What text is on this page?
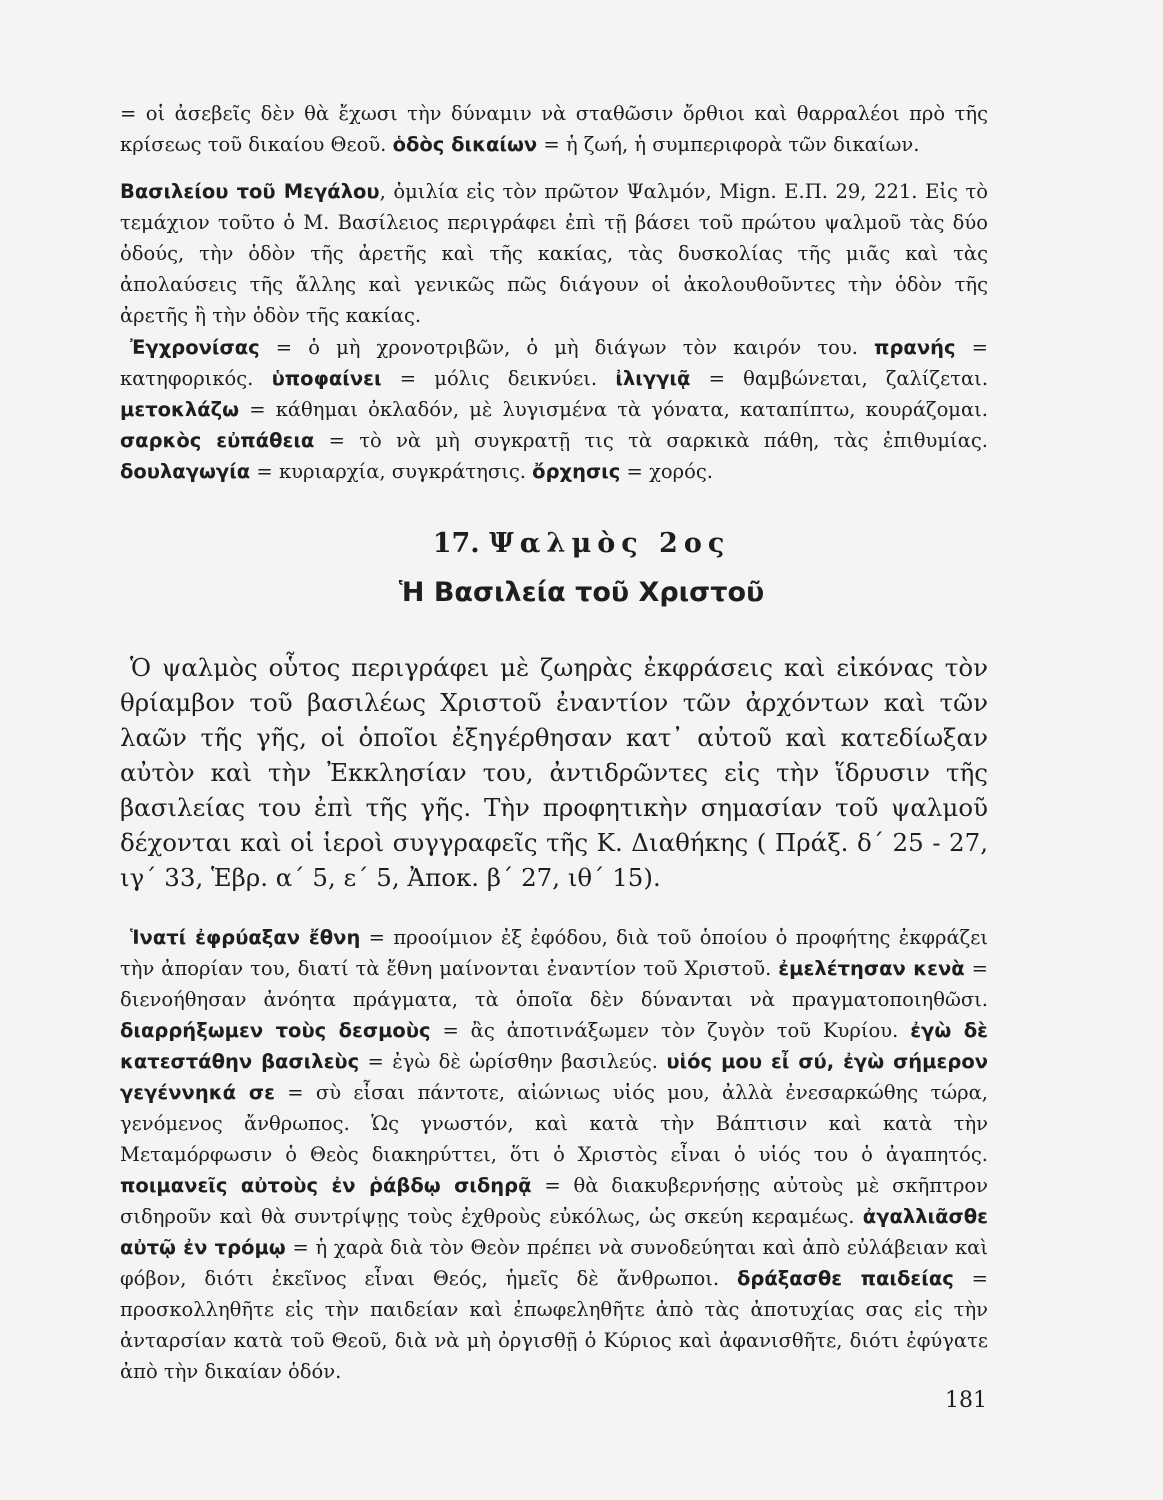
= οἱ ἀσεβεῖς δὲν θὰ ἔχωσι τὴν δύναμιν νὰ σταθῶσιν ὄρθιοι καὶ θαρραλέοι πρὸ τῆς κρίσεως τοῦ δικαίου Θεοῦ. ὁδὸς δικαίων = ἡ ζωή, ἡ συμπεριφορὰ τῶν δικαίων.

Βασιλείου τοῦ Μεγάλου, ὁμιλία εἰς τὸν πρῶτον Ψαλμόν, Mign. Ε.Π. 29, 221. Εἰς τὸ τεμάχιον τοῦτο ὁ Μ. Βασίλειος περιγράφει ἐπὶ τῇ βάσει τοῦ πρώτου ψαλμοῦ τὰς δύο ὁδούς, τὴν ὁδὸν τῆς ἀρετῆς καὶ τῆς κακίας, τὰς δυσκολίας τῆς μιᾶς καὶ τὰς ἀπολαύσεις τῆς ἄλλης καὶ γενικῶς πῶς διάγουν οἱ ἀκολουθοῦντες τὴν ὁδὸν τῆς ἀρετῆς ἢ τὴν ὁδὸν τῆς κακίας.

Ἐγχρονίσας = ὁ μὴ χρονοτριβῶν, ὁ μὴ διάγων τὸν καιρόν του. πρανής = κατηφορικός. ὑποφαίνει = μόλις δεικνύει. ἰλιγγιᾷ = θαμβώνεται, ζαλίζεται. μετοκλάζω = κάθημαι ὀκλαδόν, μὲ λυγισμένα τὰ γόνατα, καταπίπτω, κουράζομαι. σαρκὸς εὐπάθεια = τὸ νὰ μὴ συγκρατῇ τις τὰ σαρκικὰ πάθη, τὰς ἐπιθυμίας. δουλαγωγία = κυριαρχία, συγκράτησις. ὄρχησις = χορός.

17. Ψαλμὸς 2ος
Ἡ Βασιλεία τοῦ Χριστοῦ

Ὁ ψαλμὸς οὗτος περιγράφει μὲ ζωηρὰς ἐκφράσεις καὶ εἰκόνας τὸν θρίαμβον τοῦ βασιλέως Χριστοῦ ἐναντίον τῶν ἀρχόντων καὶ τῶν λαῶν τῆς γῆς, οἱ ὁποῖοι ἐξηγέρθησαν κατ᾿ αὐτοῦ καὶ κατεδίωξαν αὐτὸν καὶ τὴν Ἐκκλησίαν του, ἀντιδρῶντες εἰς τὴν ἵδρυσιν τῆς βασιλείας του ἐπὶ τῆς γῆς. Τὴν προφητικὴν σημασίαν τοῦ ψαλμοῦ δέχονται καὶ οἱ ἱεροὶ συγγραφεῖς τῆς Κ. Διαθήκης ( Πράξ. δ΄ 25 - 27, ιγ΄ 33, Ἑβρ. α΄ 5, ε΄ 5, Ἀποκ. β΄ 27, ιθ΄ 15).

Ἱνατί ἐφρύαξαν ἔθνη = προοίμιον ἐξ ἐφόδου, διὰ τοῦ ὁποίου ὁ προφήτης ἐκφράζει τὴν ἀπορίαν του, διατί τὰ ἔθνη μαίνονται ἐναντίον τοῦ Χριστοῦ. ἐμελέτησαν κενὰ = διενοήθησαν ἀνόητα πράγματα, τὰ ὁποῖα δὲν δύνανται νὰ πραγματοποιηθῶσι. διαρρήξωμεν τοὺς δεσμοὺς = ἂς ἀποτινάξωμεν τὸν ζυγὸν τοῦ Κυρίου. ἐγὼ δὲ κατεστάθην βασιλεὺς = ἐγὼ δὲ ὡρίσθην βασιλεύς. υἱός μου εἶ σύ, ἐγὼ σήμερον γεγέννηκά σε = σὺ εἶσαι πάντοτε, αἰώνιως υἱός μου, ἀλλὰ ἐνεσαρκώθης τώρα, γενόμενος ἄνθρωπος. Ὡς γνωστόν, καὶ κατὰ τὴν Βάπτισιν καὶ κατὰ τὴν Μεταμόρφωσιν ὁ Θεὸς διακηρύττει, ὅτι ὁ Χριστὸς εἶναι ὁ υἱός του ὁ ἀγαπητός. ποιμανεῖς αὐτοὺς ἐν ῥάβδῳ σιδηρᾷ = θὰ διακυβερνήσῃς αὐτοὺς μὲ σκῆπτρον σιδηροῦν καὶ θὰ συντρίψῃς τοὺς ἐχθροὺς εὐκόλως, ὡς σκεύη κεραμέως. ἀγαλλιᾶσθε αὐτῷ ἐν τρόμῳ = ἡ χαρὰ διὰ τὸν Θεὸν πρέπει νὰ συνοδεύηται καὶ ἀπὸ εὐλάβειαν καὶ φόβον, διότι ἐκεῖνος εἶναι Θεός, ἡμεῖς δὲ ἄνθρωποι. δράξασθε παιδείας = προσκολληθῆτε εἰς τὴν παιδείαν καὶ ἐπωφεληθῆτε ἀπὸ τὰς ἀποτυχίας σας εἰς τὴν ἀνταρσίαν κατὰ τοῦ Θεοῦ, διὰ νὰ μὴ ὀργισθῇ ὁ Κύριος καὶ ἀφανισθῆτε, διότι ἐφύγατε ἀπὸ τὴν δικαίαν ὁδόν.

181
